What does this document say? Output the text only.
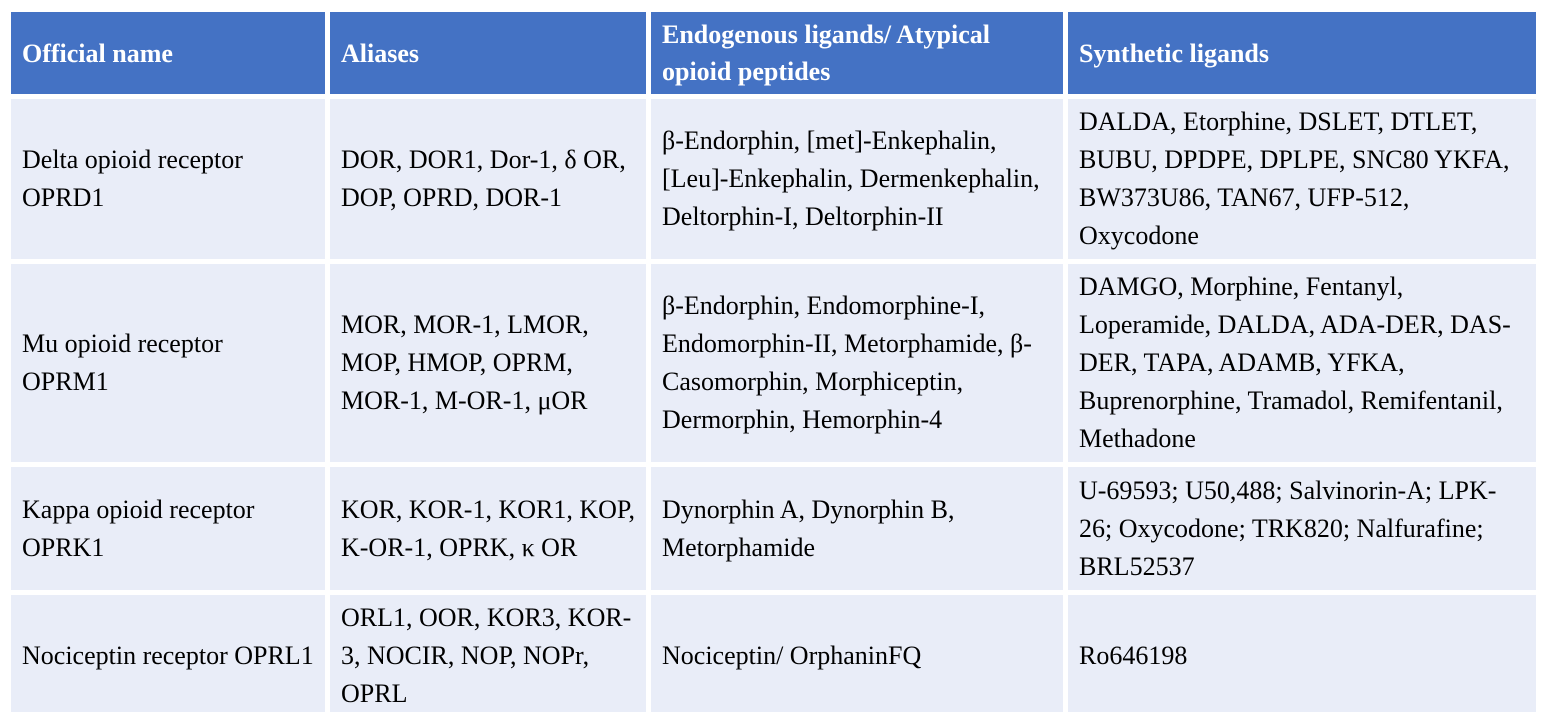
Official name	Aliases	Endogenous ligands/ Atypical opioid peptides	Synthetic ligands
Delta opioid receptor OPRD1	DOR, DOR1, Dor-1, δ OR, DOP, OPRD, DOR-1	β-Endorphin, [met]-Enkephalin, [Leu]-Enkephalin, Dermenkephalin, Deltorphin-I, Deltorphin-II	DALDA, Etorphine, DSLET, DTLET, BUBU, DPDPE, DPLPE, SNC80 YKFA, BW373U86, TAN67, UFP-512, Oxycodone
Mu opioid receptor OPRM1	MOR, MOR-1, LMOR, MOP, HMOP, OPRM, MOR-1, M-OR-1, μOR	β-Endorphin, Endomorphine-I, Endomorphin-II, Metorphamide, β-Casomorphin, Morphiceptin, Dermorphin, Hemorphin-4	DAMGO, Morphine, Fentanyl, Loperamide, DALDA, ADA-DER, DAS-DER, TAPA, ADAMB, YFKA, Buprenorphine, Tramadol, Remifentanil, Methadone
Kappa opioid receptor OPRK1	KOR, KOR-1, KOR1, KOP, K-OR-1, OPRK, κ OR	Dynorphin A, Dynorphin B, Metorphamide	U-69593; U50,488; Salvinorin-A; LPK-26; Oxycodone; TRK820; Nalfurafine; BRL52537
Nociceptin receptor OPRL1	ORL1, OOR, KOR3, KOR-3, NOCIR, NOP, NOPr, OPRL	Nociceptin/ OrphaninFQ	Ro646198
